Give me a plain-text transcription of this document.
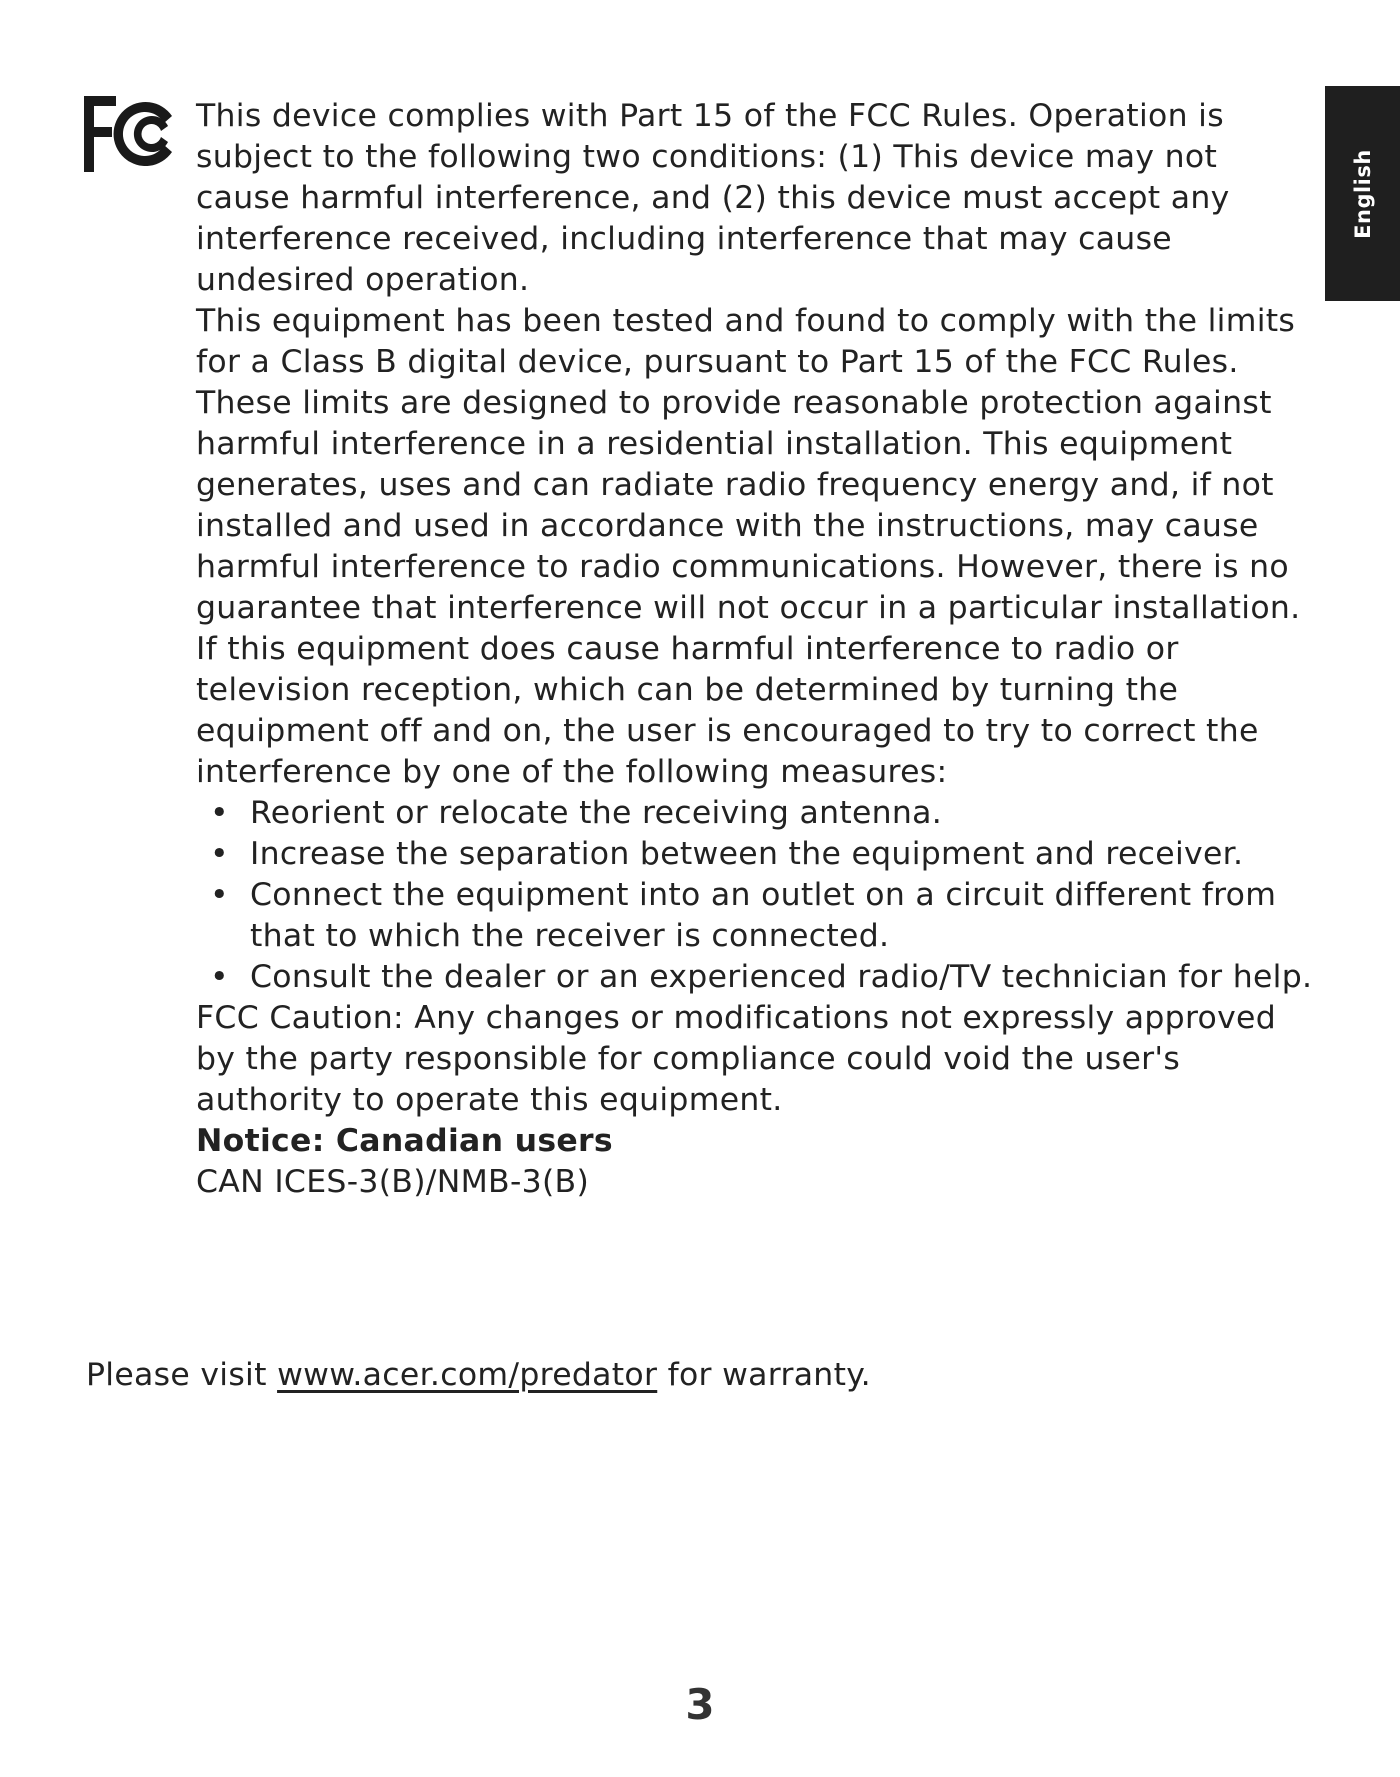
English

This device complies with Part 15 of the FCC Rules. Operation is subject to the following two conditions: (1) This device may not cause harmful interference, and (2) this device must accept any interference received, including interference that may cause undesired operation.

This equipment has been tested and found to comply with the limits for a Class B digital device, pursuant to Part 15 of the FCC Rules. These limits are designed to provide reasonable protection against harmful interference in a residential installation. This equipment generates, uses and can radiate radio frequency energy and, if not installed and used in accordance with the instructions, may cause harmful interference to radio communications. However, there is no guarantee that interference will not occur in a particular installation. If this equipment does cause harmful interference to radio or television reception, which can be determined by turning the equipment off and on, the user is encouraged to try to correct the interference by one of the following measures:

• Reorient or relocate the receiving antenna.
• Increase the separation between the equipment and receiver.
• Connect the equipment into an outlet on a circuit different from that to which the receiver is connected.
• Consult the dealer or an experienced radio/TV technician for help.

FCC Caution: Any changes or modifications not expressly approved by the party responsible for compliance could void the user's authority to operate this equipment.

Notice: Canadian users

CAN ICES-3(B)/NMB-3(B)

Please visit www.acer.com/predator for warranty.
3
